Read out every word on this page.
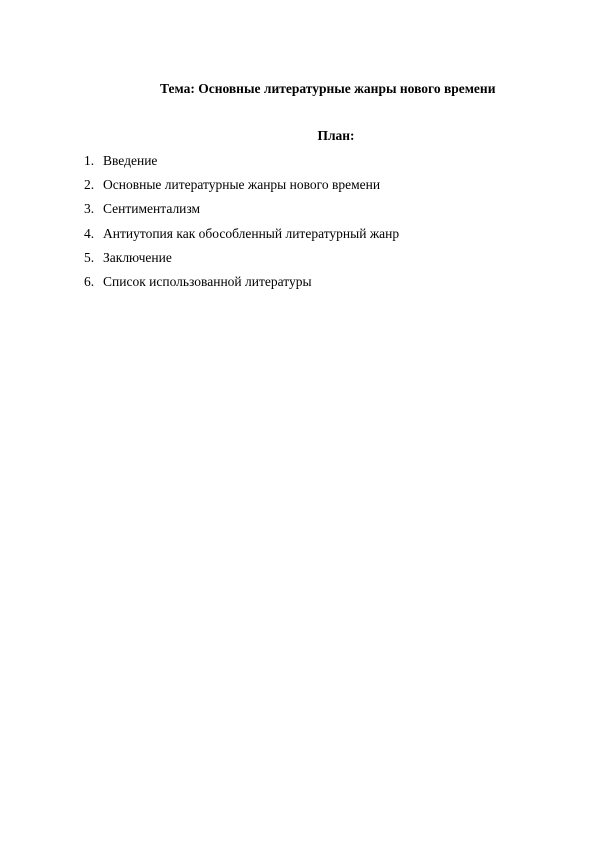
Тема: Основные литературные жанры нового времени
План:
1. Введение
2. Основные литературные жанры нового времени
3. Сентиментализм
4. Антиутопия как обособленный литературный жанр
5. Заключение
6. Список использованной литературы
